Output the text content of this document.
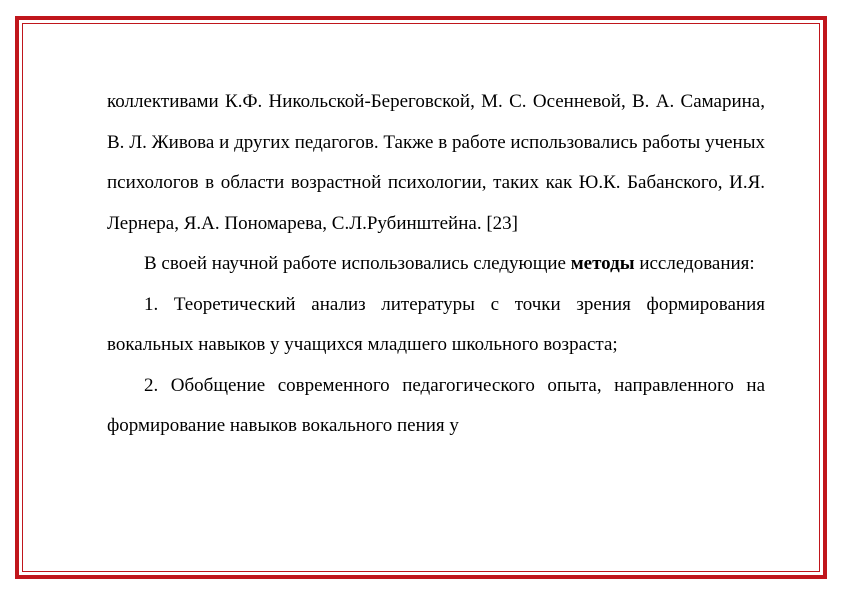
коллективами К.Ф. Никольской-Береговской, М. С. Осенневой, В. А. Самарина, В. Л. Живова и других педагогов. Также в работе использовались работы ученых психологов в области возрастной психологии, таких как Ю.К. Бабанского, И.Я. Лернера, Я.А. Пономарева, С.Л.Рубинштейна. [23]

В своей научной работе использовались следующие методы исследования:

1. Теоретический анализ литературы с точки зрения формирования вокальных навыков у учащихся младшего школьного возраста;

2. Обобщение современного педагогического опыта, направленного на формирование навыков вокального пения у
